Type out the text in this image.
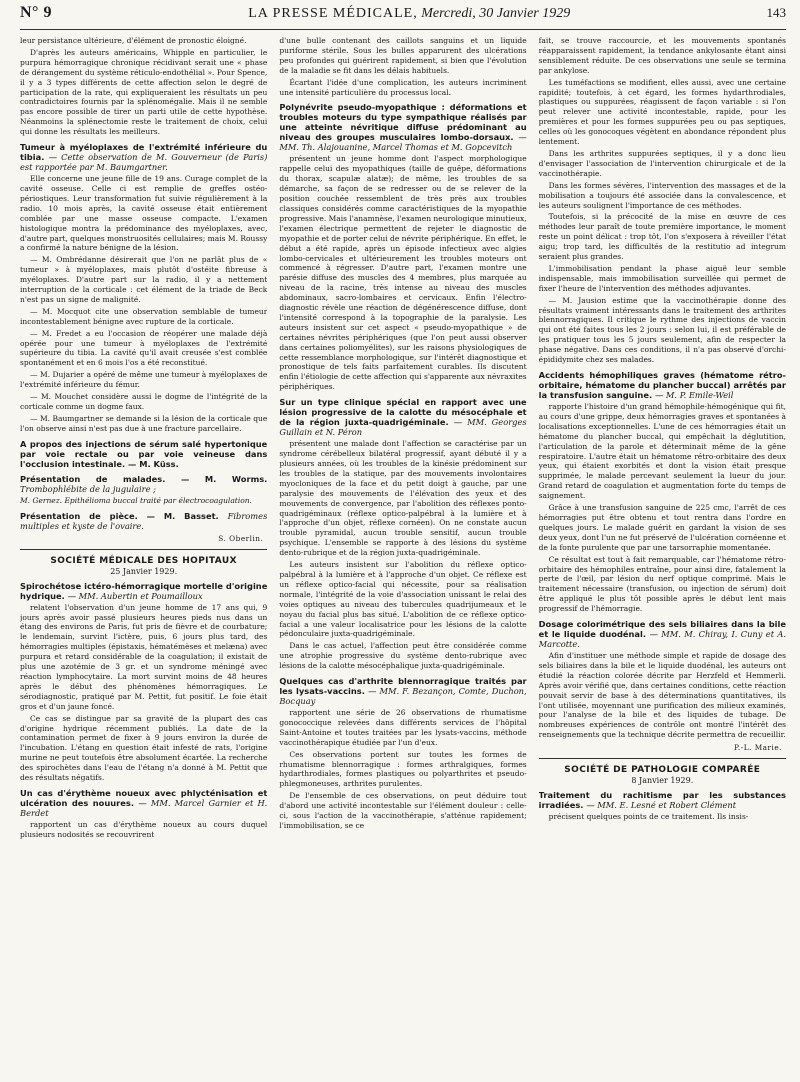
N° 9	LA PRESSE MÉDICALE, Mercredi, 30 Janvier 1929	143

leur persistance ultérieure, d'élément de pronostic éloigné.

D'après les auteurs américains, Whipple en particulier, le purpura hémorragique chronique récidivant serait une « phase de dérangement du système réticulo-endothélial ». Pour Spence, il y a 3 types différents de cette affection selon le degré de participation de la rate, qui expliqueraient les résultats un peu contradictoires fournis par la splénomégalie. Mais il ne semble pas encore possible de tirer un parti utile de cette hypothèse. Néanmoins la splénectomie reste le traitement de choix, celui qui donne les résultats les meilleurs.

Tumeur à myéloplaxes de l'extrémité inférieure du tibia. — Cette observation de M. Gouverneur (de Paris) est rapportée par M. Baumgartner.

Elle concerne une jeune fille de 19 ans. Curage complet de la cavité osseuse. Celle ci est remplie de greffes ostéo-périostiques. Leur transformation fut suivie régulièrement à la radio. 10 mois après, la cavité osseuse était entièrement comblée par une masse osseuse compacte. L'examen histologique montra la prédominance des myéloplaxes, avec, d'autre part, quelques monstruosités cellulaires; mais M. Roussy a confirmé la nature bénigne de la lésion.

— M. Ombrédanne désirerait que l'on ne parlât plus de « tumeur » à myéloplaxes, mais plutôt d'ostéite fibreuse à myéloplaxes. D'autre part sur la radio, il y a nettement interruption de la corticale : cet élément de la triade de Beck n'est pas un signe de malignité.

— M. Mocquot cite une observation semblable de tumeur incontestablement bénigne avec rupture de la corticale.

— M. Fredet a eu l'occasion de réopérer une malade déjà opérée pour une tumeur à myéloplaxes de l'extrémité supérieure du tibia. La cavité qu'il avait creusée s'est comblée spontanément et en 6 mois l'os a été reconstitué.

— M. Dujarier a opéré de même une tumeur à myéloplaxes de l'extrémité inférieure du fémur.

— M. Mouchet considère aussi le dogme de l'intégrité de la corticale comme un dogme faux.

— M. Baumgartner se demande si la lésion de la corticale que l'on observe ainsi n'est pas due à une fracture parcellaire.

A propos des injections de sérum salé hypertonique par voie rectale ou par voie veineuse dans l'occlusion intestinale. — M. Küss.
Présentation de malades. — M. Worms. Trombophlébite de la jugulaire ;

M. Gernez. Epithélioma buccal traité par électrocoagulation.

Présentation de pièce. — M. Basset. Fibromes multiples et kyste de l'ovaire.
S. Oberlin.
SOCIÉTÉ MÉDICALE DES HOPITAUX
25 Janvier 1929.
Spirochétose ictéro-hémorragique mortelle d'origine hydrique. — MM. Aubertin et Poumailloux

relatent l'observation d'un jeune homme de 17 ans qui, 9 jours après avoir passé plusieurs heures pieds nus dans un étang des environs de Paris, fut pris de fièvre et de courbature; le lendemain, survint l'ictère, puis, 6 jours plus tard, des hémorragies multiples (épistaxis, hématémèses et melæna) avec purpura et retard considérable de la coagulation; il existait de plus une azotémie de 3 gr. et un syndrome méningé avec réaction lymphocytaire. La mort survint moins de 48 heures après le début des phénomènes hémorragiques. Le sérodiagnostic, pratiqué par M. Pettit, fut positif. Le foie était gros et d'un jaune foncé.

Ce cas se distingue par sa gravité de la plupart des cas d'origine hydrique récemment publiés. La date de la contamination permet de fixer à 9 jours environ la durée de l'incubation. L'étang en question était infesté de rats, l'origine murine ne peut toutefois être absolument écartée. La recherche des spirochètes dans l'eau de l'étang n'a donné à M. Pettit que des résultats négatifs.

Un cas d'érythème noueux avec phlycténisation et ulcération des nouures. — MM. Marcel Garnier et H. Berdet

rapportent un cas d'érythème noueux au cours duquel plusieurs nodosités se recouvrirent

d'une bulle contenant des caillots sanguins et un liquide puriforme stérile. Sous les bulles apparurent des ulcérations peu profondes qui guérirent rapidement, si bien que l'évolution de la maladie se fit dans les délais habituels.

Écartant l'idée d'une complication, les auteurs incriminent une intensité particulière du processus local.

Polynévrite pseudo-myopathique : déformations et troubles moteurs du type sympathique réalisés par une atteinte névritique diffuse prédominant au niveau des groupes musculaires lombo-dorsaux. — MM. Th. Alajouanine, Marcel Thomas et M. Gopcevitch

présentent un jeune homme dont l'aspect morphologique rappelle celui des myopathiques (taille de guêpe, déformations du thorax, scapulæ alatæ); de même, les troubles de sa démarche, sa façon de se redresser ou de se relever de la position couchée ressemblent de très près aux troubles classiques considérés comme caractéristiques de la myopathie progressive. Mais l'anamnèse, l'examen neurologique minutieux, l'examen électrique permettent de rejeter le diagnostic de myopathie et de porter celui de névrite périphérique. En effet, le début a été rapide, après un épisode infectieux avec algies lombo-cervicales et ultérieurement les troubles moteurs ont commencé à régresser. D'autre part, l'examen montre une parésie diffuse des muscles des 4 membres, plus marquée au niveau de la racine, très intense au niveau des muscles abdominaux, sacro-lombaires et cervicaux. Enfin l'électro-diagnostic révèle une réaction de dégénérescence diffuse, dont l'intensité correspond à la topographie de la paralysie. Les auteurs insistent sur cet aspect « pseudo-myopathique » de certaines névrites périphériques (que l'on peut aussi observer dans certaines poliomyélites), sur les raisons physiologiques de cette ressemblance morphologique, sur l'intérêt diagnostique et pronostique de tels faits parfaitement curables. Ils discutent enfin l'étiologie de cette affection qui s'apparente aux névraxites périphériques.

Sur un type clinique spécial en rapport avec une lésion progressive de la calotte du mésocéphale et de la région juxta-quadrigéminale. — MM. Georges Guillain et N. Péron

présentent une malade dont l'affection se caractérise par un syndrome cérébelleux bilatéral progressif, ayant débuté il y a plusieurs années, où les troubles de la kinésie prédominent sur les troubles de la statique, par des mouvements involontaires myocloniques de la face et du petit doigt à gauche, par une paralysie des mouvements de l'élévation des yeux et des mouvements de convergence, par l'abolition des réflexes ponto-quadrigéminaux (réflexe optico-palpébral à la lumière et à l'approche d'un objet, réflexe cornéen). On ne constate aucun trouble pyramidal, aucun trouble sensitif, aucun trouble psychique. L'ensemble se rapporte à des lésions du système dento-rubrique et de la région juxta-quadrigéminale.

Les auteurs insistent sur l'abolition du réflexe optico-palpébral à la lumière et à l'approche d'un objet. Ce réflexe est un réflexe optico-facial qui nécessite, pour sa réalisation normale, l'intégrité de la voie d'association unissant le relai des voies optiques au niveau des tubercules quadrijumeaux et le noyau du facial plus bas situé. L'abolition de ce réflexe optico-facial a une valeur localisatrice pour les lésions de la calotte pédonculaire juxta-quadrigéminale.

Dans le cas actuel, l'affection peut être considérée comme une atrophie progressive du système dento-rubrique avec lésions de la calotte mésocéphalique juxta-quadrigéminale.

Quelques cas d'arthrite blennorragique traités par les lysats-vaccins. — MM. F. Bezançon, Comte, Duchon, Bocquay

rapportent une série de 26 observations de rhumatisme gonococcique relevées dans différents services de l'hôpital Saint-Antoine et toutes traitées par les lysats-vaccins, méthode vaccinothérapique étudiée par l'un d'eux.

Ces observations portent sur toutes les formes de rhumatisme blennorragique : formes arthralgiques, formes hydarthrodiales, formes plastiques ou polyarthrites et pseudo-phlegmoneuses, arthrites purulentes.

De l'ensemble de ces observations, on peut déduire tout d'abord une activité incontestable sur l'élément douleur : celle-ci, sous l'action de la vaccinothérapie, s'atténue rapidement; l'immobilisation, se ce

fait, se trouve raccourcie, et les mouvements spontanés réapparaissent rapidement, la tendance ankylosante étant ainsi sensiblement réduite. De ces observations une seule se termina par ankylose.

Les tuméfactions se modifient, elles aussi, avec une certaine rapidité; toutefois, à cet égard, les formes hydarthrodiales, plastiques ou suppurées, réagissent de façon variable : si l'on peut relever une activité incontestable, rapide, pour les premières et pour les formes suppurées peu ou pas septiques, celles où les gonocoques végètent en abondance répondent plus lentement.

Dans les arthrites suppurées septiques, il y a donc lieu d'envisager l'association de l'intervention chirurgicale et de la vaccinothérapie.

Dans les formes sévères, l'intervention des massages et de la mobilisation a toujours été associée dans la convalescence, et les auteurs soulignent l'importance de ces méthodes.

Toutefois, si la précocité de la mise en œuvre de ces méthodes leur paraît de toute première importance, le moment reste un point délicat : trop tôt, l'on s'exposera à réveiller l'état aigu; trop tard, les difficultés de la restitutio ad integrum seraient plus grandes.

L'immobilisation pendant la phase aiguë leur semble indispensable, mais immobilisation surveillée qui permet de fixer l'heure de l'intervention des méthodes adjuvantes.

— M. Jausion estime que la vaccinothérapie donne des résultats vraiment intéressants dans le traitement des arthrites blennorragiques. Il critique le rythme des injections de vaccin qui ont été faites tous les 2 jours : selon lui, il est préférable de les pratiquer tous les 5 jours seulement, afin de respecter la phase négative. Dans ces conditions, il n'a pas observé d'orchi-épididymite chez ses malades.

Accidents hémophiliques graves (hématome rétro-orbitaire, hématome du plancher buccal) arrêtés par la transfusion sanguine. — M. P. Emile-Weil

rapporte l'histoire d'un grand hémophile-hémogénique qui fit, au cours d'une grippe, deux hémorragies graves et spontanées à localisations exceptionnelles. L'une de ces hémorragies était un hématome du plancher buccal, qui empêchait la déglutition, l'articulation de la parole et déterminait même de la gêne respiratoire. L'autre était un hématome rétro-orbitaire des deux yeux, qui étaient exorbités et dont la vision était presque supprimée, le malade percevant seulement la lueur du jour. Grand retard de coagulation et augmentation forte du temps de saignement.

Grâce à une transfusion sanguine de 225 cmc, l'arrêt de ces hémorragies put être obtenu et tout rentra dans l'ordre en quelques jours. Le malade guérit en gardant la vision de ses deux yeux, dont l'un ne fut préservé de l'ulcération cornéenne et de la fonte purulente que par une tarsorraphie momentanée.

Ce résultat est tout à fait remarquable, car l'hématome rétro-orbitaire des hémophiles entraîne, pour ainsi dire, fatalement la perte de l'œil, par lésion du nerf optique comprimé. Mais le traitement nécessaire (transfusion, ou injection de sérum) doit être appliqué le plus tôt possible après le début lent mais progressif de l'hémorragie.

Dosage colorimétrique des sels biliaires dans la bile et le liquide duodénal. — MM. M. Chiray, I. Cuny et A. Marcotte.

Afin d'instituer une méthode simple et rapide de dosage des sels biliaires dans la bile et le liquide duodénal, les auteurs ont étudié la réaction colorée décrite par Herzfeld et Hemmerli. Après avoir vérifié que, dans certaines conditions, cette réaction pouvait servir de base à des déterminations quantitatives, ils l'ont utilisée, moyennant une purification des milieux examinés, pour l'analyse de la bile et des liquides de tubage. De nombreuses expériences de contrôle ont montré l'intérêt des renseignements que la technique décrite permettra de recueillir.

P.-L. Marie.
SOCIÉTÉ DE PATHOLOGIE COMPARÉE
8 Janvier 1929.
Traitement du rachitisme par les substances irradiées. — MM. E. Lesné et Robert Clément

précisent quelques points de ce traitement. Ils insis-
